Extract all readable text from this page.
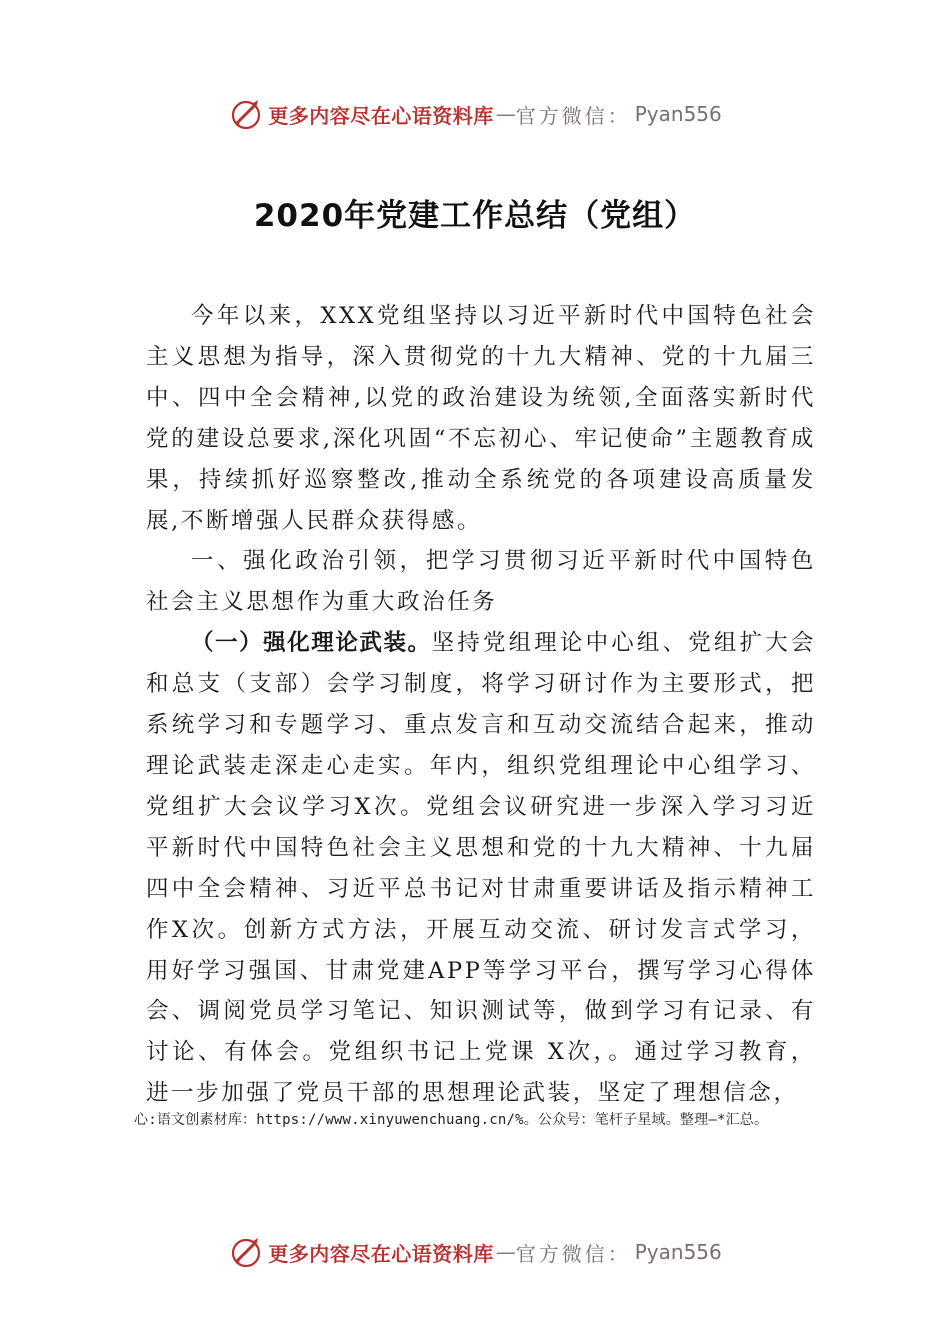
更多内容尽在心语资料库 — 官方微信： Pyan556
2020年党建工作总结（党组）

今年以来，XXX党组坚持以习近平新时代中国特色社会主义思想为指导，深入贯彻党的十九大精神、党的十九届三中、四中全会精神,以党的政治建设为统领,全面落实新时代党的建设总要求,深化巩固“不忘初心、牢记使命”主题教育成果，持续抓好巡察整改,推动全系统党的各项建设高质量发展,不断增强人民群众获得感。

一、强化政治引领，把学习贯彻习近平新时代中国特色社会主义思想作为重大政治任务

（一）强化理论武装。坚持党组理论中心组、党组扩大会和总支（支部）会学习制度，将学习研讨作为主要形式，把系统学习和专题学习、重点发言和互动交流结合起来，推动理论武装走深走心走实。年内，组织党组理论中心组学习、党组扩大会议学习X次。党组会议研究进一步深入学习习近平新时代中国特色社会主义思想和党的十九大精神、十九届四中全会精神、习近平总书记对甘肃重要讲话及指示精神工作X次。创新方式方法，开展互动交流、研讨发言式学习， 用好学习强国、甘肃党建APP等学习平台，撰写学习心得体会、调阅党员学习笔记、知识测试等，做到学习有记录、有讨论、有体会。党组织书记上党课 X次，。通过学习教育， 进一步加强了党员干部的思想理论武装，坚定了理想信念，

心:语文创素材库：https://www.xinyuwenchuang.cn/%。公众号：笔杆子星域。整理—*汇总。
更多内容尽在心语资料库 — 官方微信： Pyan556
